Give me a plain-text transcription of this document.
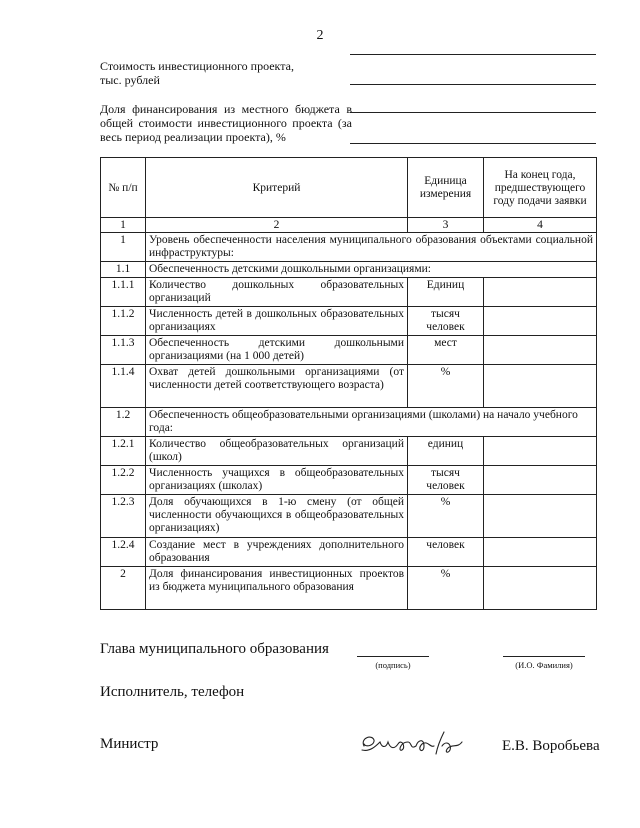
2
Стоимость инвестиционного проекта,
тыс. рублей
Доля финансирования из местного бюджета в общей стоимости инвестиционного проекта (за весь период реализации проекта), %
№ п/п	Критерий	Единица измерения	На конец года, предшествующего году подачи заявки
1	2	3	4
1	Уровень обеспеченности населения муниципального образования объектами социальной инфраструктуры:		
1.1	Обеспеченность детскими дошкольными организациями:		
1.1.1	Количество дошкольных образовательных организаций	Единиц	
1.1.2	Численность детей в дошкольных образовательных организациях	тысяч человек	
1.1.3	Обеспеченность детскими дошкольными организациями (на 1 000 детей)	мест	
1.1.4	Охват детей дошкольными организациями (от численности детей соответствующего возраста)	%	
1.2	Обеспеченность общеобразовательными организациями (школами) на начало учебного года:		
1.2.1	Количество общеобразовательных организаций (школ)	единиц	
1.2.2	Численность учащихся в общеобразовательных организациях (школах)	тысяч человек	
1.2.3	Доля обучающихся в 1-ю смену (от общей численности обучающихся в общеобразовательных организациях)	%	
1.2.4	Создание мест в учреждениях дополнительного образования	человек	
2	Доля финансирования инвестиционных проектов из бюджета муниципального образования	%	
Глава муниципального образования
(подпись)	(И.О. Фамилия)
Исполнитель, телефон
Министр	Е.В. Воробьева
